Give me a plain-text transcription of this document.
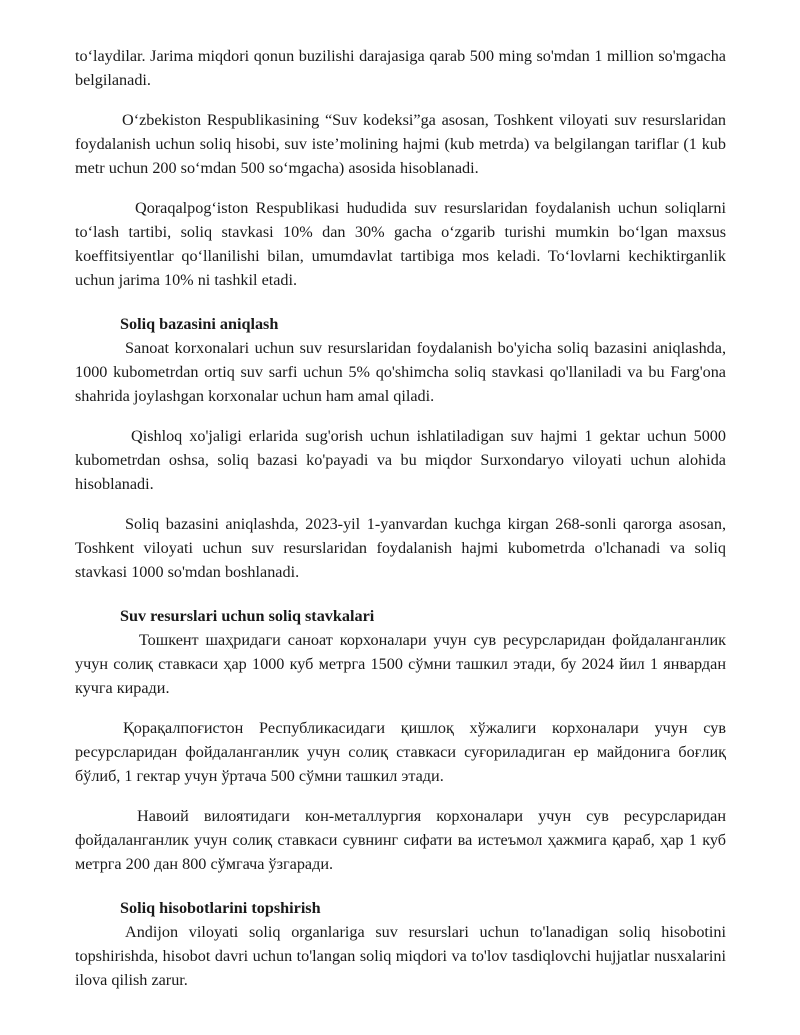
to‘laydilar. Jarima miqdori qonun buzilishi darajasiga qarab 500 ming so'mdan 1 million so'mgacha belgilanadi.

O‘zbekiston Respublikasining “Suv kodeksi”ga asosan, Toshkent viloyati suv resurslaridan foydalanish uchun soliq hisobi, suv iste’molining hajmi (kub metrda) va belgilangan tariflar (1 kub metr uchun 200 so‘mdan 500 so‘mgacha) asosida hisoblanadi.

Qoraqalpog‘iston Respublikasi hududida suv resurslaridan foydalanish uchun soliqlarni to‘lash tartibi, soliq stavkasi 10% dan 30% gacha o‘zgarib turishi mumkin bo‘lgan maxsus koeffitsiyentlar qo‘llanilishi bilan, umumdavlat tartibiga mos keladi. To‘lovlarni kechiktirganlik uchun jarima 10% ni tashkil etadi.

Soliq bazasini aniqlash

Sanoat korxonalari uchun suv resurslaridan foydalanish bo'yicha soliq bazasini aniqlashda, 1000 kubometrdan ortiq suv sarfi uchun 5% qo'shimcha soliq stavkasi qo'llaniladi va bu Farg'ona shahrida joylashgan korxonalar uchun ham amal qiladi.

Qishloq xo'jaligi erlarida sug'orish uchun ishlatiladigan suv hajmi 1 gektar uchun 5000 kubometrdan oshsa, soliq bazasi ko'payadi va bu miqdor Surxondaryo viloyati uchun alohida hisoblanadi.

Soliq bazasini aniqlashda, 2023-yil 1-yanvardan kuchga kirgan 268-sonli qarorga asosan, Toshkent viloyati uchun suv resurslaridan foydalanish hajmi kubometrda o'lchanadi va soliq stavkasi 1000 so'mdan boshlanadi.

Suv resurslari uchun soliq stavkalari

Тошкент шаҳридаги саноат корхоналари учун сув ресурсларидан фойдаланганлик учун солиқ ставкаси ҳар 1000 куб метрга 1500 сўмни ташкил этади, бу 2024 йил 1 январдан кучга киради.

Қорақалпоғистон Республикасидаги қишлоқ хўжалиги корхоналари учун сув ресурсларидан фойдаланганлик учун солиқ ставкаси суғориладиган ер майдонига боғлиқ бўлиб, 1 гектар учун ўртача 500 сўмни ташкил этади.

Навоий вилоятидаги кон-металлургия корхоналари учун сув ресурсларидан фойдаланганлик учун солиқ ставкаси сувнинг сифати ва истеъмол ҳажмига қараб, ҳар 1 куб метрга 200 дан 800 сўмгача ўзгаради.

Soliq hisobotlarini topshirish

Andijon viloyati soliq organlariga suv resurslari uchun to'lanadigan soliq hisobotini topshirishda, hisobot davri uchun to'langan soliq miqdori va to'lov tasdiqlovchi hujjatlar nusxalarini ilova qilish zarur.
